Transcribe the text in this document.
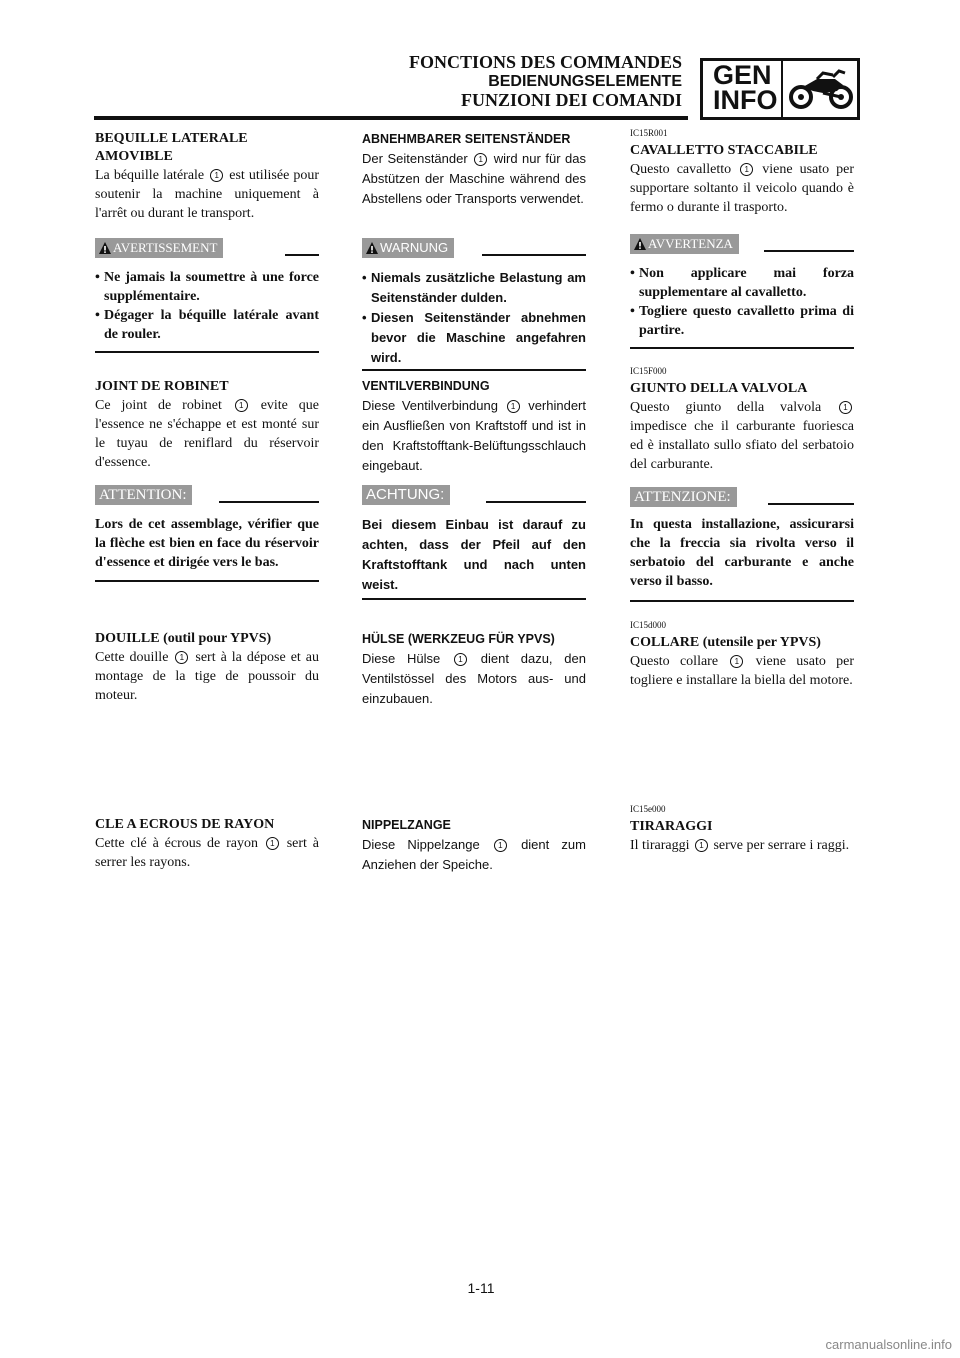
FONCTIONS DES COMMANDES
BEDIENUNGSELEMENTE
FUNZIONI DEI COMANDI
GEN
INFO
BEQUILLE LATERALE
AMOVIBLE
La béquille latérale 1 est utilisée pour soutenir la machine uniquement à l'arrêt ou durant le transport.
AVERTISSEMENT
• Ne jamais la soumettre à une force supplémentaire.
• Dégager la béquille latérale avant de rouler.
JOINT DE ROBINET
Ce joint de robinet 1 evite que l'essence ne s'échappe et est monté sur le tuyau de reniflard du réservoir d'essence.
ATTENTION:
Lors de cet assemblage, vérifier que la flèche est bien en face du réservoir d'essence et dirigée vers le bas.
DOUILLE (outil pour YPVS)
Cette douille 1 sert à la dépose et au montage de la tige de poussoir du moteur.
CLE A ECROUS DE RAYON
Cette clé à écrous de rayon 1 sert à serrer les rayons.
ABNEHMBARER SEITENSTÄNDER
Der Seitenständer 1 wird nur für das Abstützen der Maschine während des Abstellens oder Transports verwendet.
WARNUNG
• Niemals zusätzliche Belastung am Seitenständer dulden.
• Diesen Seitenständer abnehmen bevor die Maschine angefahren wird.
VENTILVERBINDUNG
Diese Ventilverbindung 1 verhindert ein Ausfließen von Kraftstoff und ist in den Kraftstofftank-Belüftungsschlauch eingebaut.
ACHTUNG:
Bei diesem Einbau ist darauf zu achten, dass der Pfeil auf den Kraftstofftank und nach unten weist.
HÜLSE (WERKZEUG FÜR YPVS)
Diese Hülse 1 dient dazu, den Ventilstössel des Motors aus- und einzubauen.
NIPPELZANGE
Diese Nippelzange 1 dient zum Anziehen der Speiche.
IC15R001
CAVALLETTO STACCABILE
Questo cavalletto 1 viene usato per supportare soltanto il veicolo quando è fermo o durante il trasporto.
AVVERTENZA
• Non applicare mai forza supplementare al cavalletto.
• Togliere questo cavalletto prima di partire.
IC15F000
GIUNTO DELLA VALVOLA
Questo giunto della valvola	1 impedisce che il carburante fuoriesca ed è installato sullo sfiato del serbatoio del carburante.
ATTENZIONE:
In questa installazione, assicurarsi che la freccia sia rivolta verso il serbatoio del carburante e anche verso il basso.
IC15d000
COLLARE (utensile per YPVS)
Questo collare 1 viene usato per togliere e installare la biella del motore.
IC15e000
TIRARAGGI
Il tiraraggi 1 serve per serrare i raggi.
1-11
carmanualsonline.info
